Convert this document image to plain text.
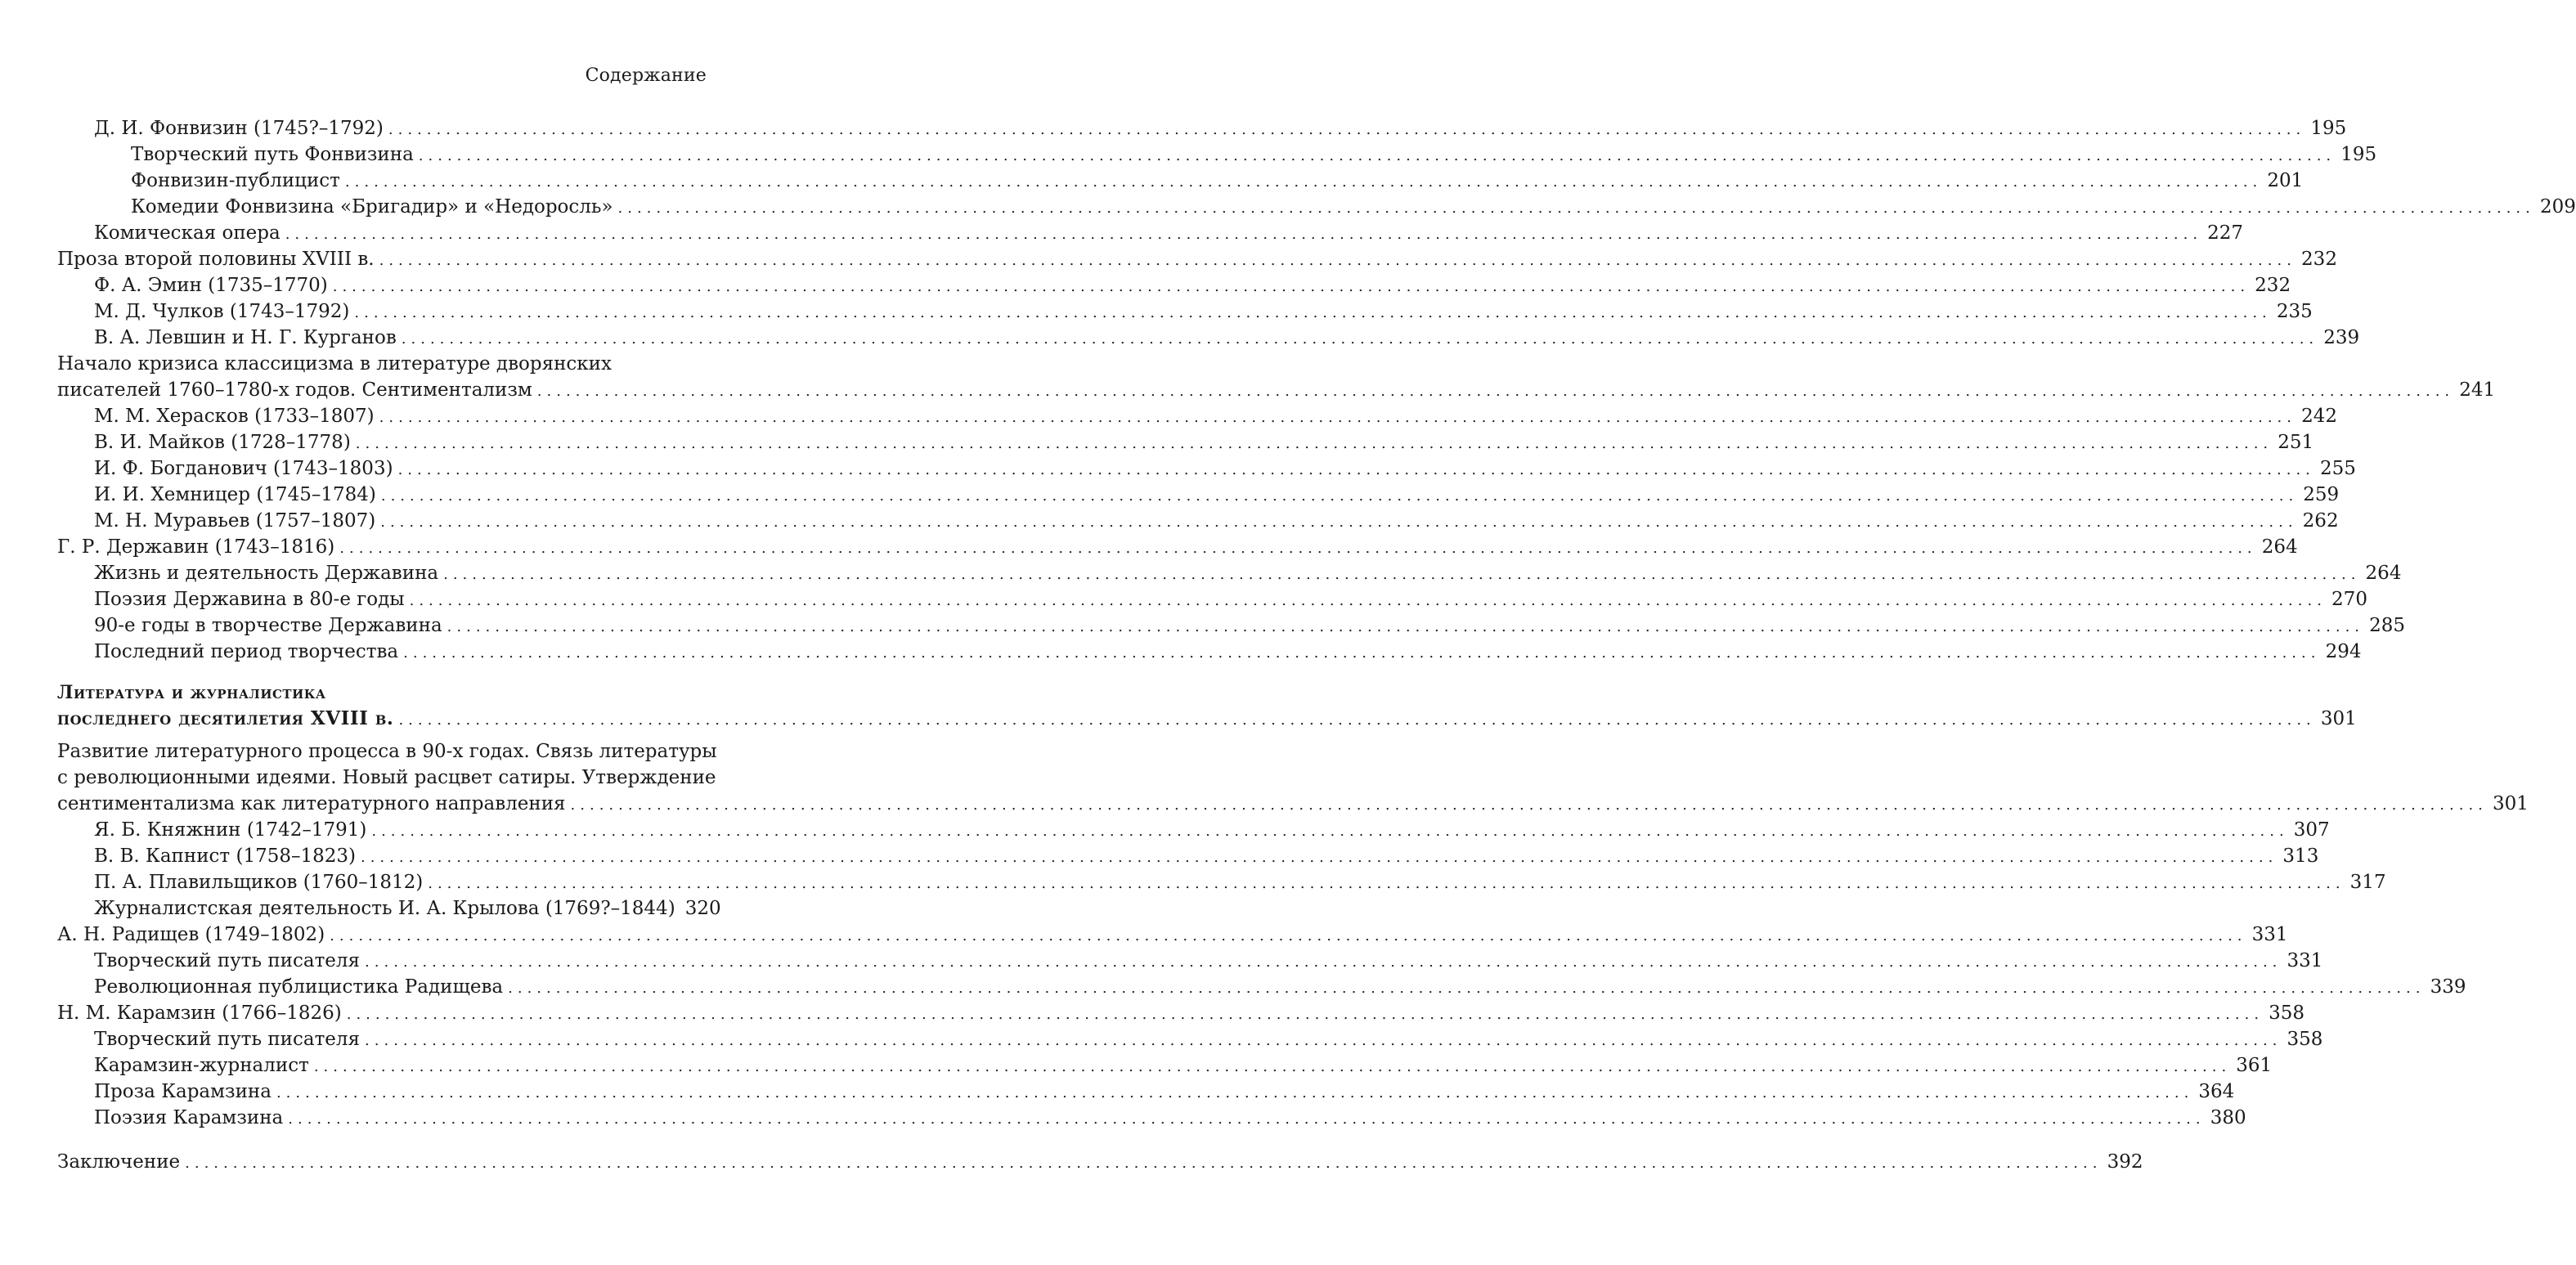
Содержание
Д. И. Фонвизин (1745?–1792) ........................................................................................................................................................................................................ 195
Творческий путь Фонвизина ........................................................................................................................................................................................................ 195
Фонвизин-публицист ........................................................................................................................................................................................................ 201
Комедии Фонвизина «Бригадир» и «Недоросль» ........................................................................................................................................................................................................ 209
Комическая опера ........................................................................................................................................................................................................ 227
Проза второй половины XVIII в. ........................................................................................................................................................................................................ 232
Ф. А. Эмин (1735–1770) ........................................................................................................................................................................................................ 232
М. Д. Чулков (1743–1792) ........................................................................................................................................................................................................ 235
В. А. Левшин и Н. Г. Курганов ........................................................................................................................................................................................................ 239
Начало кризиса классицизма в литературе дворянских
писателей 1760–1780-х годов. Сентиментализм ........................................................................................................................................................................................................ 241
М. М. Херасков (1733–1807) ........................................................................................................................................................................................................ 242
В. И. Майков (1728–1778) ........................................................................................................................................................................................................ 251
И. Ф. Богданович (1743–1803) ........................................................................................................................................................................................................ 255
И. И. Хемницер (1745–1784) ........................................................................................................................................................................................................ 259
М. Н. Муравьев (1757–1807) ........................................................................................................................................................................................................ 262
Г. Р. Державин (1743–1816) ........................................................................................................................................................................................................ 264
Жизнь и деятельность Державина ........................................................................................................................................................................................................ 264
Поэзия Державина в 80-е годы ........................................................................................................................................................................................................ 270
90-е годы в творчестве Державина ........................................................................................................................................................................................................ 285
Последний период творчества ........................................................................................................................................................................................................ 294
Литература и журналистика
последнего десятилетия XVIII в. ........................................................................................................................................................................................................ 301
Развитие литературного процесса в 90-х годах. Связь литературы
с революционными идеями. Новый расцвет сатиры. Утверждение
сентиментализма как литературного направления ........................................................................................................................................................................................................ 301
Я. Б. Княжнин (1742–1791) ........................................................................................................................................................................................................ 307
В. В. Капнист (1758–1823) ........................................................................................................................................................................................................ 313
П. А. Плавильщиков (1760–1812) ........................................................................................................................................................................................................ 317
Журналистская деятельность И. А. Крылова (1769?–1844) 320
А. Н. Радищев (1749–1802) ........................................................................................................................................................................................................ 331
Творческий путь писателя ........................................................................................................................................................................................................ 331
Революционная публицистика Радищева ........................................................................................................................................................................................................ 339
Н. М. Карамзин (1766–1826) ........................................................................................................................................................................................................ 358
Творческий путь писателя ........................................................................................................................................................................................................ 358
Карамзин-журналист ........................................................................................................................................................................................................ 361
Проза Карамзина ........................................................................................................................................................................................................ 364
Поэзия Карамзина ........................................................................................................................................................................................................ 380
Заключение ........................................................................................................................................................................................................ 392
